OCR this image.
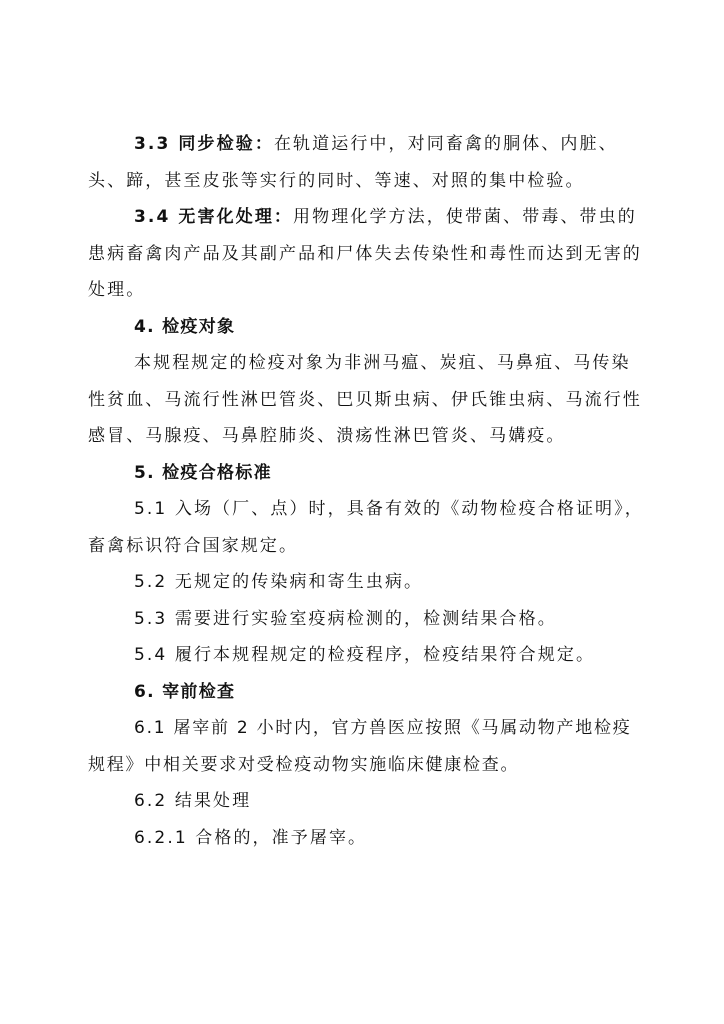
3.3 同步检验：在轨道运行中，对同畜禽的胴体、内脏、头、蹄，甚至皮张等实行的同时、等速、对照的集中检验。

3.4 无害化处理：用物理化学方法，使带菌、带毒、带虫的患病畜禽肉产品及其副产品和尸体失去传染性和毒性而达到无害的处理。

4. 检疫对象

本规程规定的检疫对象为非洲马瘟、炭疽、马鼻疽、马传染性贫血、马流行性淋巴管炎、巴贝斯虫病、伊氏锥虫病、马流行性感冒、马腺疫、马鼻腔肺炎、溃疡性淋巴管炎、马媾疫。

5. 检疫合格标准

5.1 入场（厂、点）时，具备有效的《动物检疫合格证明》，畜禽标识符合国家规定。

5.2 无规定的传染病和寄生虫病。

5.3 需要进行实验室疫病检测的，检测结果合格。

5.4 履行本规程规定的检疫程序，检疫结果符合规定。

6. 宰前检查

6.1 屠宰前 2 小时内，官方兽医应按照《马属动物产地检疫规程》中相关要求对受检疫动物实施临床健康检查。

6.2 结果处理

6.2.1 合格的，准予屠宰。
